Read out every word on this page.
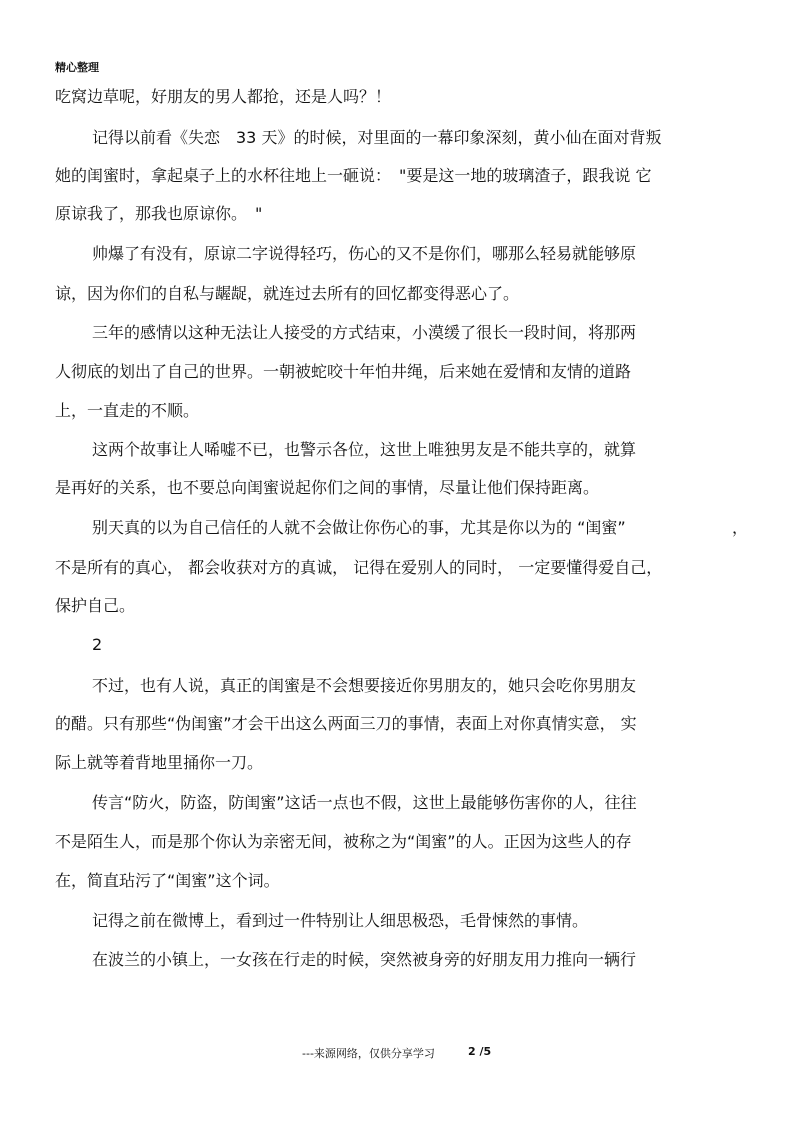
精心整理
吃窝边草呢，好朋友的男人都抢，还是人吗？！
记得以前看《失恋　33 天》的时候，对里面的一幕印象深刻，黄小仙在面对背叛
她的闺蜜时，拿起桌子上的水杯往地上一砸说：　"要是这一地的玻璃渣子，跟我说 它
原谅我了，那我也原谅你。　"
帅爆了有没有，原谅二字说得轻巧，伤心的又不是你们，哪那么轻易就能够原
谅，因为你们的自私与龌龊，就连过去所有的回忆都变得恶心了。
三年的感情以这种无法让人接受的方式结束，小漠缓了很长一段时间，将那两
人彻底的划出了自己的世界。一朝被蛇咬十年怕井绳，后来她在爱情和友情的道路
上，一直走的不顺。
这两个故事让人唏嘘不已，也警示各位，这世上唯独男友是不能共享的，就算
是再好的关系，也不要总向闺蜜说起你们之间的事情，尽量让他们保持距离。
别天真的以为自己信任的人就不会做让你伤心的事，尤其是你以为的 “闺蜜”	，
不是所有的真心， 都会收获对方的真诚， 记得在爱别人的同时， 一定要懂得爱自己，
保护自己。
2
不过，也有人说，真正的闺蜜是不会想要接近你男朋友的，她只会吃你男朋友
的醋。只有那些“伪闺蜜”才会干出这么两面三刀的事情，表面上对你真情实意， 实
际上就等着背地里捅你一刀。
传言“防火，防盗，防闺蜜”这话一点也不假，这世上最能够伤害你的人，往往
不是陌生人，而是那个你认为亲密无间，被称之为“闺蜜”的人。正因为这些人的存
在，简直玷污了“闺蜜”这个词。
记得之前在微博上，看到过一件特别让人细思极恐，毛骨悚然的事情。
在波兰的小镇上，一女孩在行走的时候，突然被身旁的好朋友用力推向一辆行
---来源网络，仅供分享学习	2 /5
